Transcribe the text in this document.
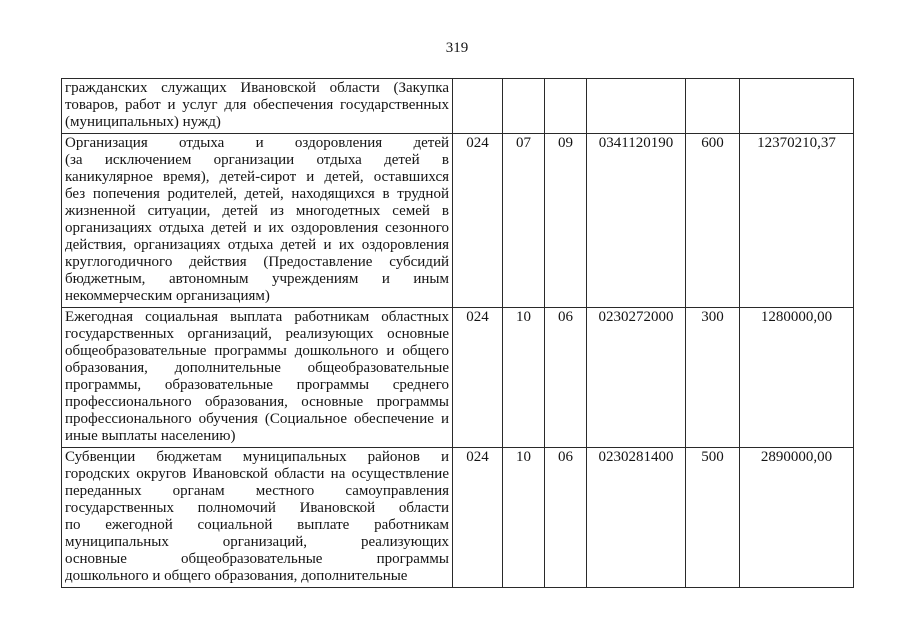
319
гражданских служащих Ивановской области (Закупка
товаров, работ и услуг для обеспечения государственных
(муниципальных) нужд)						

Организация отдыха и оздоровления детей
(за исключением организации отдыха детей в
каникулярное время), детей-сирот и детей, оставшихся
без попечения родителей, детей, находящихся в трудной
жизненной ситуации, детей из многодетных семей в
организациях отдыха детей и их оздоровления сезонного
действия, организациях отдыха детей и их оздоровления
круглогодичного действия (Предоставление субсидий
бюджетным, автономным учреждениям и иным
некоммерческим организациям)
	024	07	09	0341120190	600	12370210,37

Ежегодная социальная выплата работникам областных
государственных организаций, реализующих основные
общеобразовательные программы дошкольного и общего
образования, дополнительные общеобразовательные
программы, образовательные программы среднего
профессионального образования, основные программы
профессионального обучения (Социальное обеспечение и
иные выплаты населению)
	024	10	06	0230272000	300	1280000,00

Субвенции бюджетам муниципальных районов и
городских округов Ивановской области на осуществление
переданных органам местного самоуправления
государственных полномочий Ивановской области
по ежегодной социальной выплате работникам
муниципальных организаций, реализующих
основные общеобразовательные программы
дошкольного и общего образования, дополнительные
	024	10	06	0230281400	500	2890000,00
